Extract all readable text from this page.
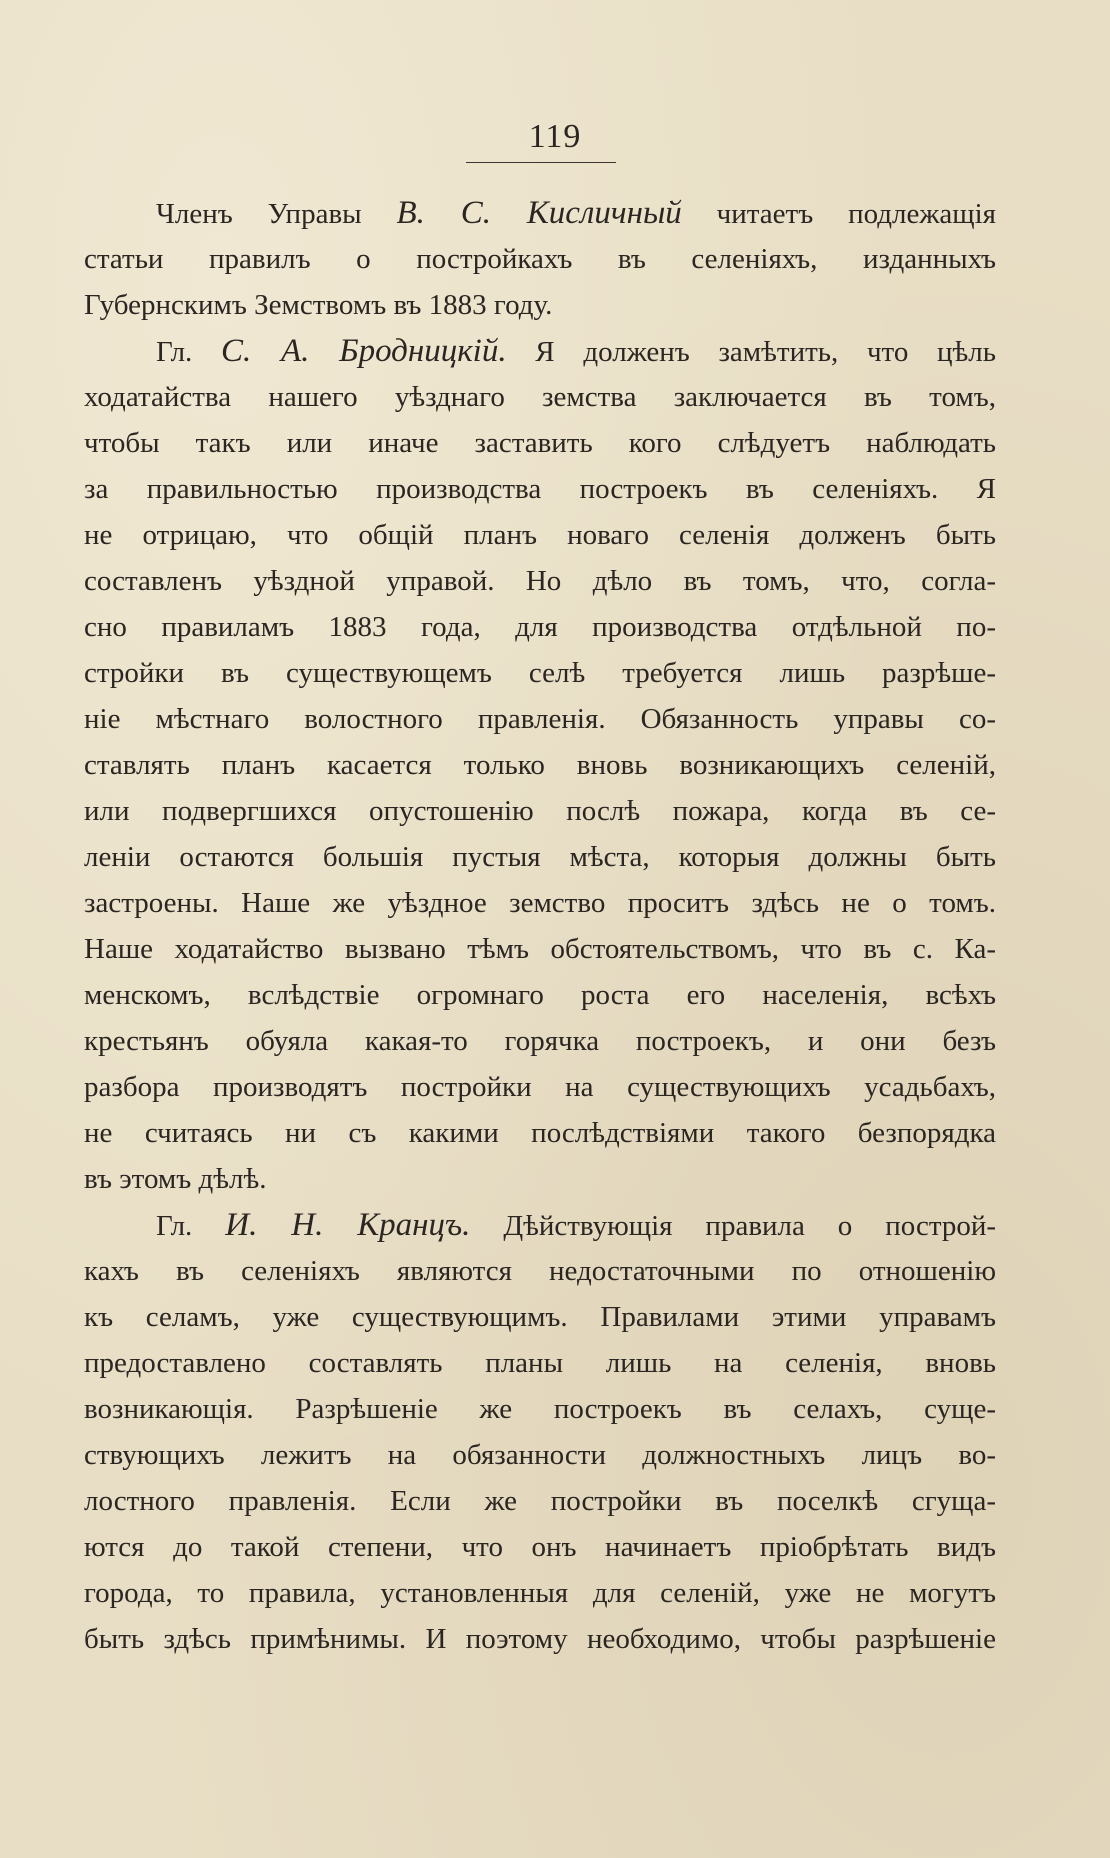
119
Членъ Управы В. С. Кисличный читаетъ подлежащія
статьи правилъ о постройкахъ въ селеніяхъ, изданныхъ
Губернскимъ Земствомъ въ 1883 году.
Гл. С. А. Бродницкій. Я долженъ замѣтить, что цѣль
ходатайства нашего уѣзднаго земства заключается въ томъ,
чтобы такъ или иначе заставить кого слѣдуетъ наблюдать
за правильностью производства построекъ въ селеніяхъ. Я
не отрицаю, что общій планъ новаго селенія долженъ быть
составленъ уѣздной управой. Но дѣло въ томъ, что, согла-
сно правиламъ 1883 года, для производства отдѣльной по-
стройки въ существующемъ селѣ требуется лишь разрѣше-
ніе мѣстнаго волостного правленія. Обязанность управы со-
ставлять планъ касается только вновь возникающихъ селеній,
или подвергшихся опустошенію послѣ пожара, когда въ се-
леніи остаются большія пустыя мѣста, которыя должны быть
застроены. Наше же уѣздное земство проситъ здѣсь не о томъ.
Наше ходатайство вызвано тѣмъ обстоятельствомъ, что въ с. Ка-
менскомъ, вслѣдствіе огромнаго роста его населенія, всѣхъ
крестьянъ обуяла какая-то горячка построекъ, и они безъ
разбора производятъ постройки на существующихъ усадьбахъ,
не считаясь ни съ какими послѣдствіями такого безпорядка
въ этомъ дѣлѣ.
Гл. И. Н. Кранцъ. Дѣйствующія правила о построй-
кахъ въ селеніяхъ являются недостаточными по отношенію
къ селамъ, уже существующимъ. Правилами этими управамъ
предоставлено составлять планы лишь на селенія, вновь
возникающія. Разрѣшеніе же построекъ въ селахъ, суще-
ствующихъ лежитъ на обязанности должностныхъ лицъ во-
лостного правленія. Если же постройки въ поселкѣ сгуща-
ются до такой степени, что онъ начинаетъ пріобрѣтать видъ
города, то правила, установленныя для селеній, уже не могутъ
быть здѣсь примѣнимы. И поэтому необходимо, чтобы разрѣшеніе
